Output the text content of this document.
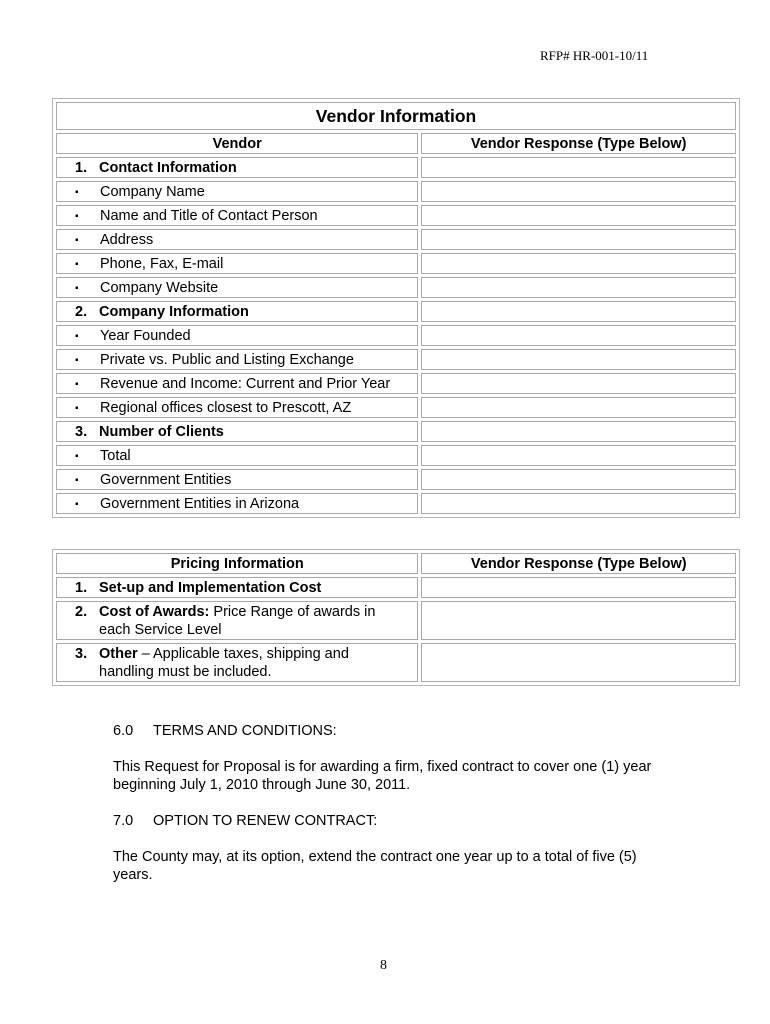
RFP# HR-001-10/11
Vendor Information	
Vendor	Vendor Response (Type Below)
1. Contact Information	
▪ Company Name	
▪ Name and Title of Contact Person	
▪ Address	
▪ Phone, Fax, E-mail	
▪ Company Website	
2. Company Information	
▪ Year Founded	
▪ Private vs. Public and Listing Exchange	
▪ Revenue and Income: Current and Prior Year	
▪ Regional offices closest to Prescott, AZ	
3. Number of Clients	
▪ Total	
▪ Government Entities	
▪ Government Entities in Arizona	
Pricing Information	Vendor Response (Type Below)
1. Set-up and Implementation Cost	

2. Cost of Awards: Price Range of awards in
each Service Level	

3. Other – Applicable taxes, shipping and
handling must be included.	

6.0 TERMS AND CONDITIONS:
This Request for Proposal is for awarding a firm, fixed contract to cover one (1) year
beginning July 1, 2010 through June 30, 2011.
7.0 OPTION TO RENEW CONTRACT:
The County may, at its option, extend the contract one year up to a total of five (5)
years.
8
